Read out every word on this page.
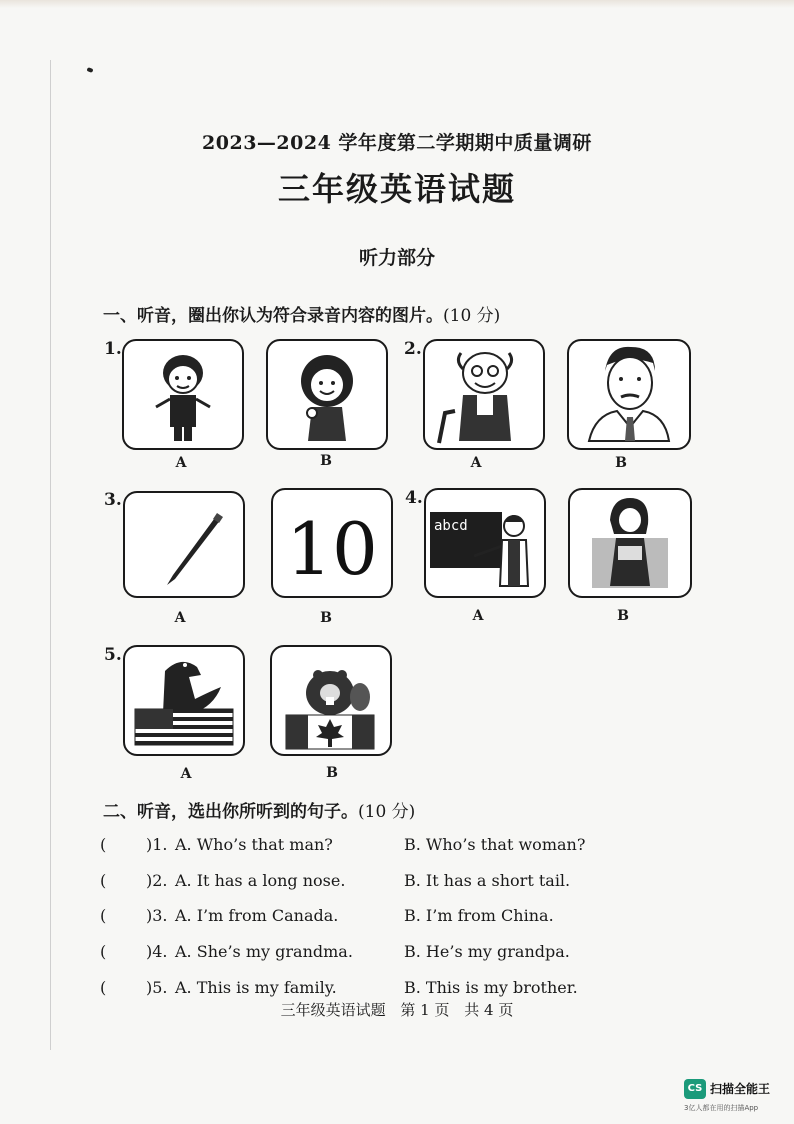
2023—2024 学年度第二学期期中质量调研
三年级英语试题
听力部分
一、听音，圈出你认为符合录音内容的图片。(10 分)
1.
A	B
2.
A	B
3.
A
10
B
4.
abcd
A	B
5.
A	B
二、听音，选出你所听到的句子。(10 分)
( )1. A. Who’s that man?	B. Who’s that woman?
( )2. A. It has a long nose.	B. It has a short tail.
( )3. A. I’m from Canada.	B. I’m from China.
( )4. A. She’s my grandma.	B. He’s my grandpa.
( )5. A. This is my family.	B. This is my brother.
三年级英语试题 第 1 页 共 4 页
CS 扫描全能王
3亿人都在用的扫描App
